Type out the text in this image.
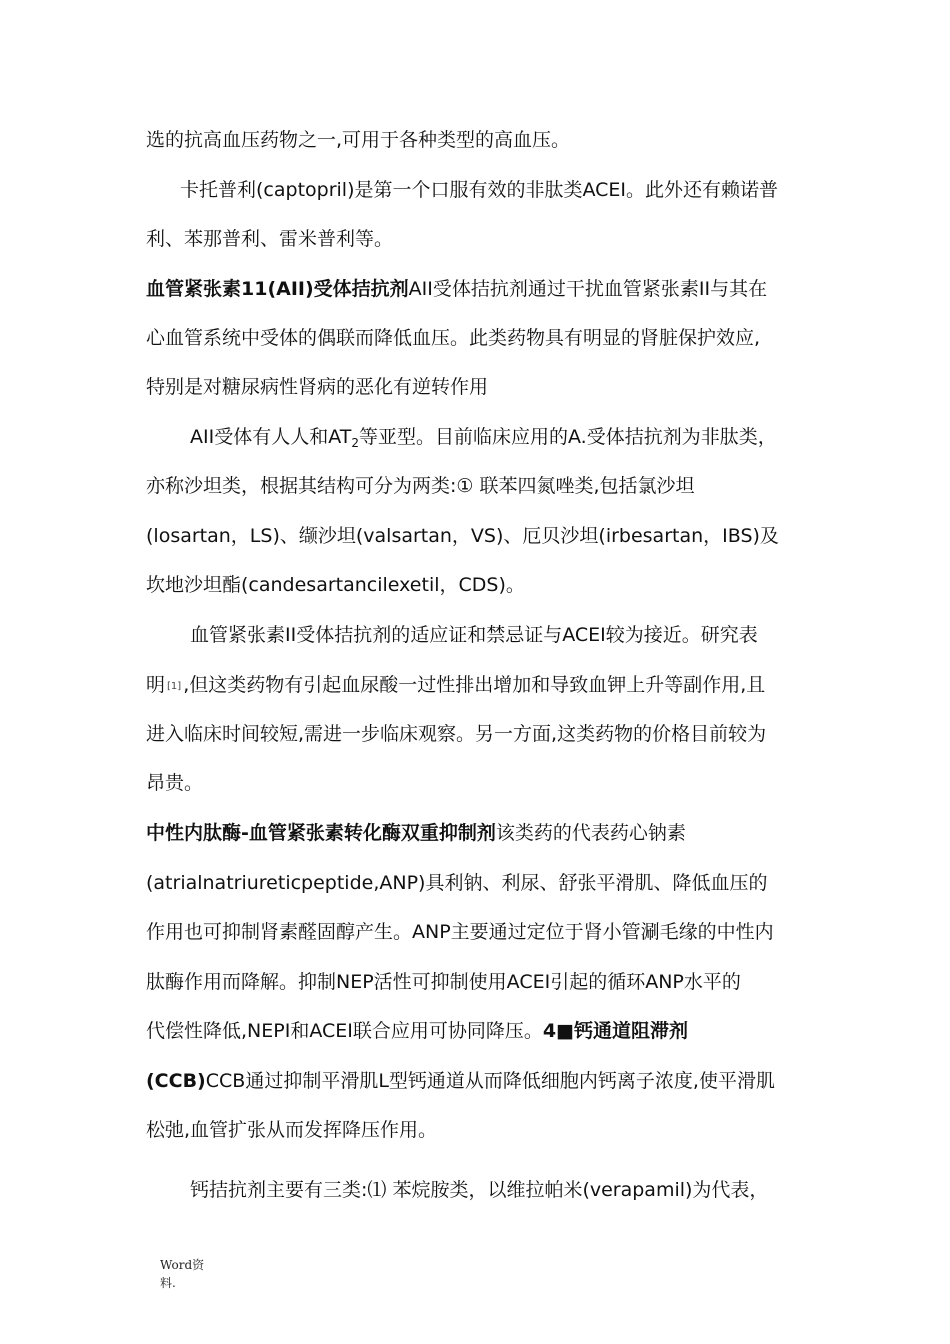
选的抗高血压药物之一,可用于各种类型的高血压。

卡托普利(captopril)是第一个口服有效的非肽类ACEI。此外还有赖诺普

利、苯那普利、雷米普利等。

血管紧张素11(AII)受体拮抗剂AII受体拮抗剂通过干扰血管紧张素II与其在

心血管系统中受体的偶联而降低血压。此类药物具有明显的肾脏保护效应,

特别是对糖尿病性肾病的恶化有逆转作用

AII受体有人人和$AT_2$等亚型。目前临床应用的A.受体拮抗剂为非肽类，

亦称沙坦类，根据其结构可分为两类:① 联苯四氮唑类,包括氯沙坦

(losartan，LS)、缬沙坦(valsartan，VS)、厄贝沙坦(irbesartan，IBS)及

坎地沙坦酯(candesartancilexetil，CDS)。

血管紧张素II受体拮抗剂的适应证和禁忌证与ACEI较为接近。研究表

明 [1] ,但这类药物有引起血尿酸一过性排出增加和导致血钾上升等副作用,且

进入临床时间较短,需进一步临床观察。另一方面,这类药物的价格目前较为

昂贵。

中性内肽酶-血管紧张素转化酶双重抑制剂该类药的代表药心钠素

(atrialnatriureticpeptide,ANP)具利钠、利尿、舒张平滑肌、降低血压的

作用也可抑制肾素醛固醇产生。ANP主要通过定位于肾小管涮毛缘的中性内

肽酶作用而降解。抑制NEP活性可抑制使用ACEI引起的循环ANP水平的

代偿性降低,NEPI和ACEI联合应用可协同降压。4■钙通道阻滞剂

(CCB)CCB通过抑制平滑肌L型钙通道从而降低细胞内钙离子浓度,使平滑肌

松弛,血管扩张从而发挥降压作用。

钙拮抗剂主要有三类:⑴ 苯烷胺类，以维拉帕米(verapamil)为代表，

Word资
料.
